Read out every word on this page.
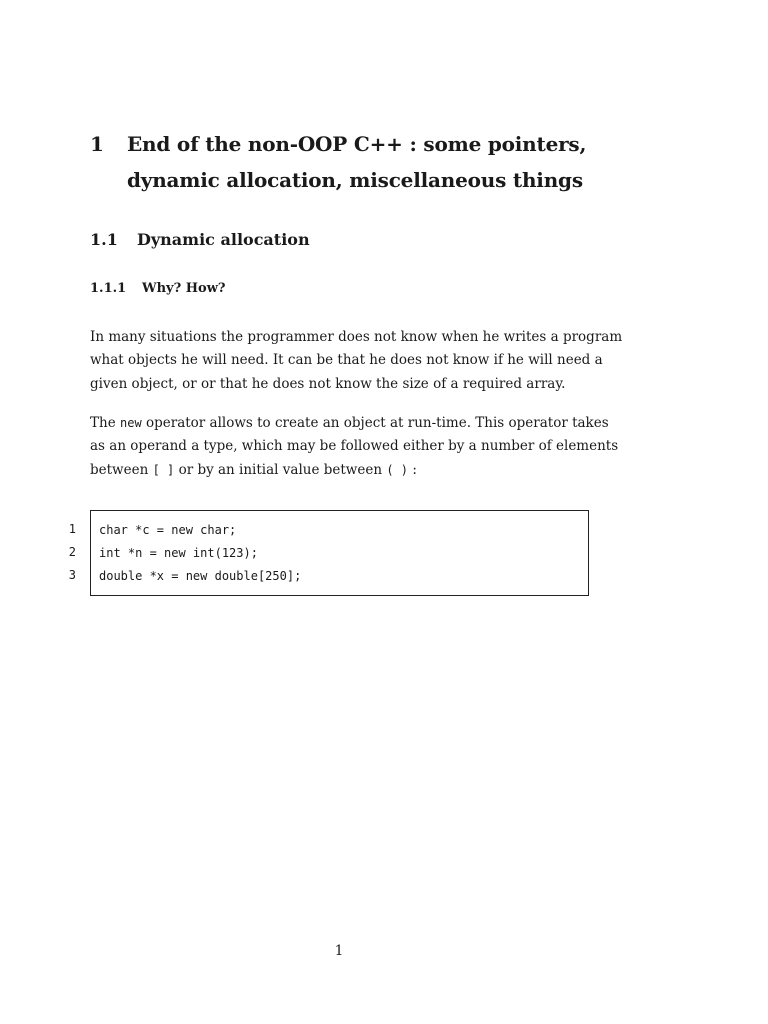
1 End of the non-OOP C++ : some pointers, dynamic allocation, miscellaneous things
1.1 Dynamic allocation
1.1.1 Why? How?
In many situations the programmer does not know when he writes a program
what objects he will need. It can be that he does not know if he will need a
given object, or or that he does not know the size of a required array.
The new operator allows to create an object at run-time. This operator takes
as an operand a type, which may be followed either by a number of elements
between [ ] or by an initial value between ( ) :
1
2
3
char *c = new char;
int *n = new int(123);
double *x = new double[250];
1
